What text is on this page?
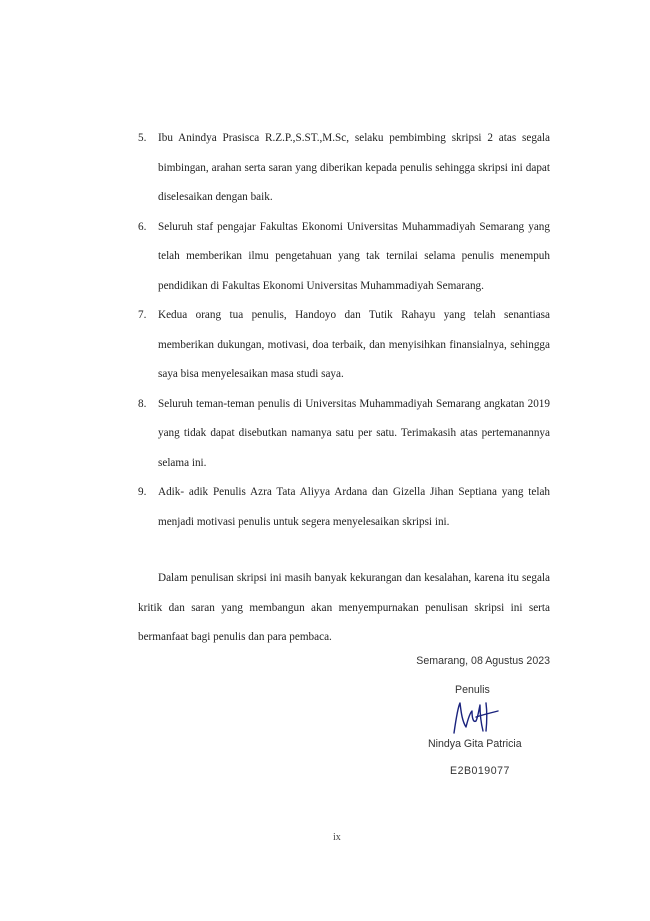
5.	Ibu Anindya Prasisca R.Z.P.,S.ST.,M.Sc, selaku pembimbing skripsi 2 atas segala bimbingan, arahan serta saran yang diberikan kepada penulis sehingga skripsi ini dapat diselesaikan dengan baik.
6.	Seluruh staf pengajar Fakultas Ekonomi Universitas Muhammadiyah Semarang yang telah memberikan ilmu pengetahuan yang tak ternilai selama penulis menempuh pendidikan di Fakultas Ekonomi Universitas Muhammadiyah Semarang.
7.	Kedua orang tua penulis, Handoyo dan Tutik Rahayu yang telah senantiasa memberikan dukungan, motivasi, doa terbaik, dan menyisihkan finansialnya, sehingga saya bisa menyelesaikan masa studi saya.
8.	Seluruh teman-teman penulis di Universitas Muhammadiyah Semarang angkatan 2019 yang tidak dapat disebutkan namanya satu per satu. Terimakasih atas pertemanannya selama ini.
9.	Adik- adik Penulis Azra Tata Aliyya Ardana dan Gizella Jihan Septiana yang telah menjadi motivasi penulis untuk segera menyelesaikan skripsi ini.
Dalam penulisan skripsi ini masih banyak kekurangan dan kesalahan, karena itu segala kritik dan saran yang membangun akan menyempurnakan penulisan skripsi ini serta bermanfaat bagi penulis dan para pembaca.
Semarang, 08 Agustus 2023
Penulis
Nindya Gita Patricia
E2B019077
ix
